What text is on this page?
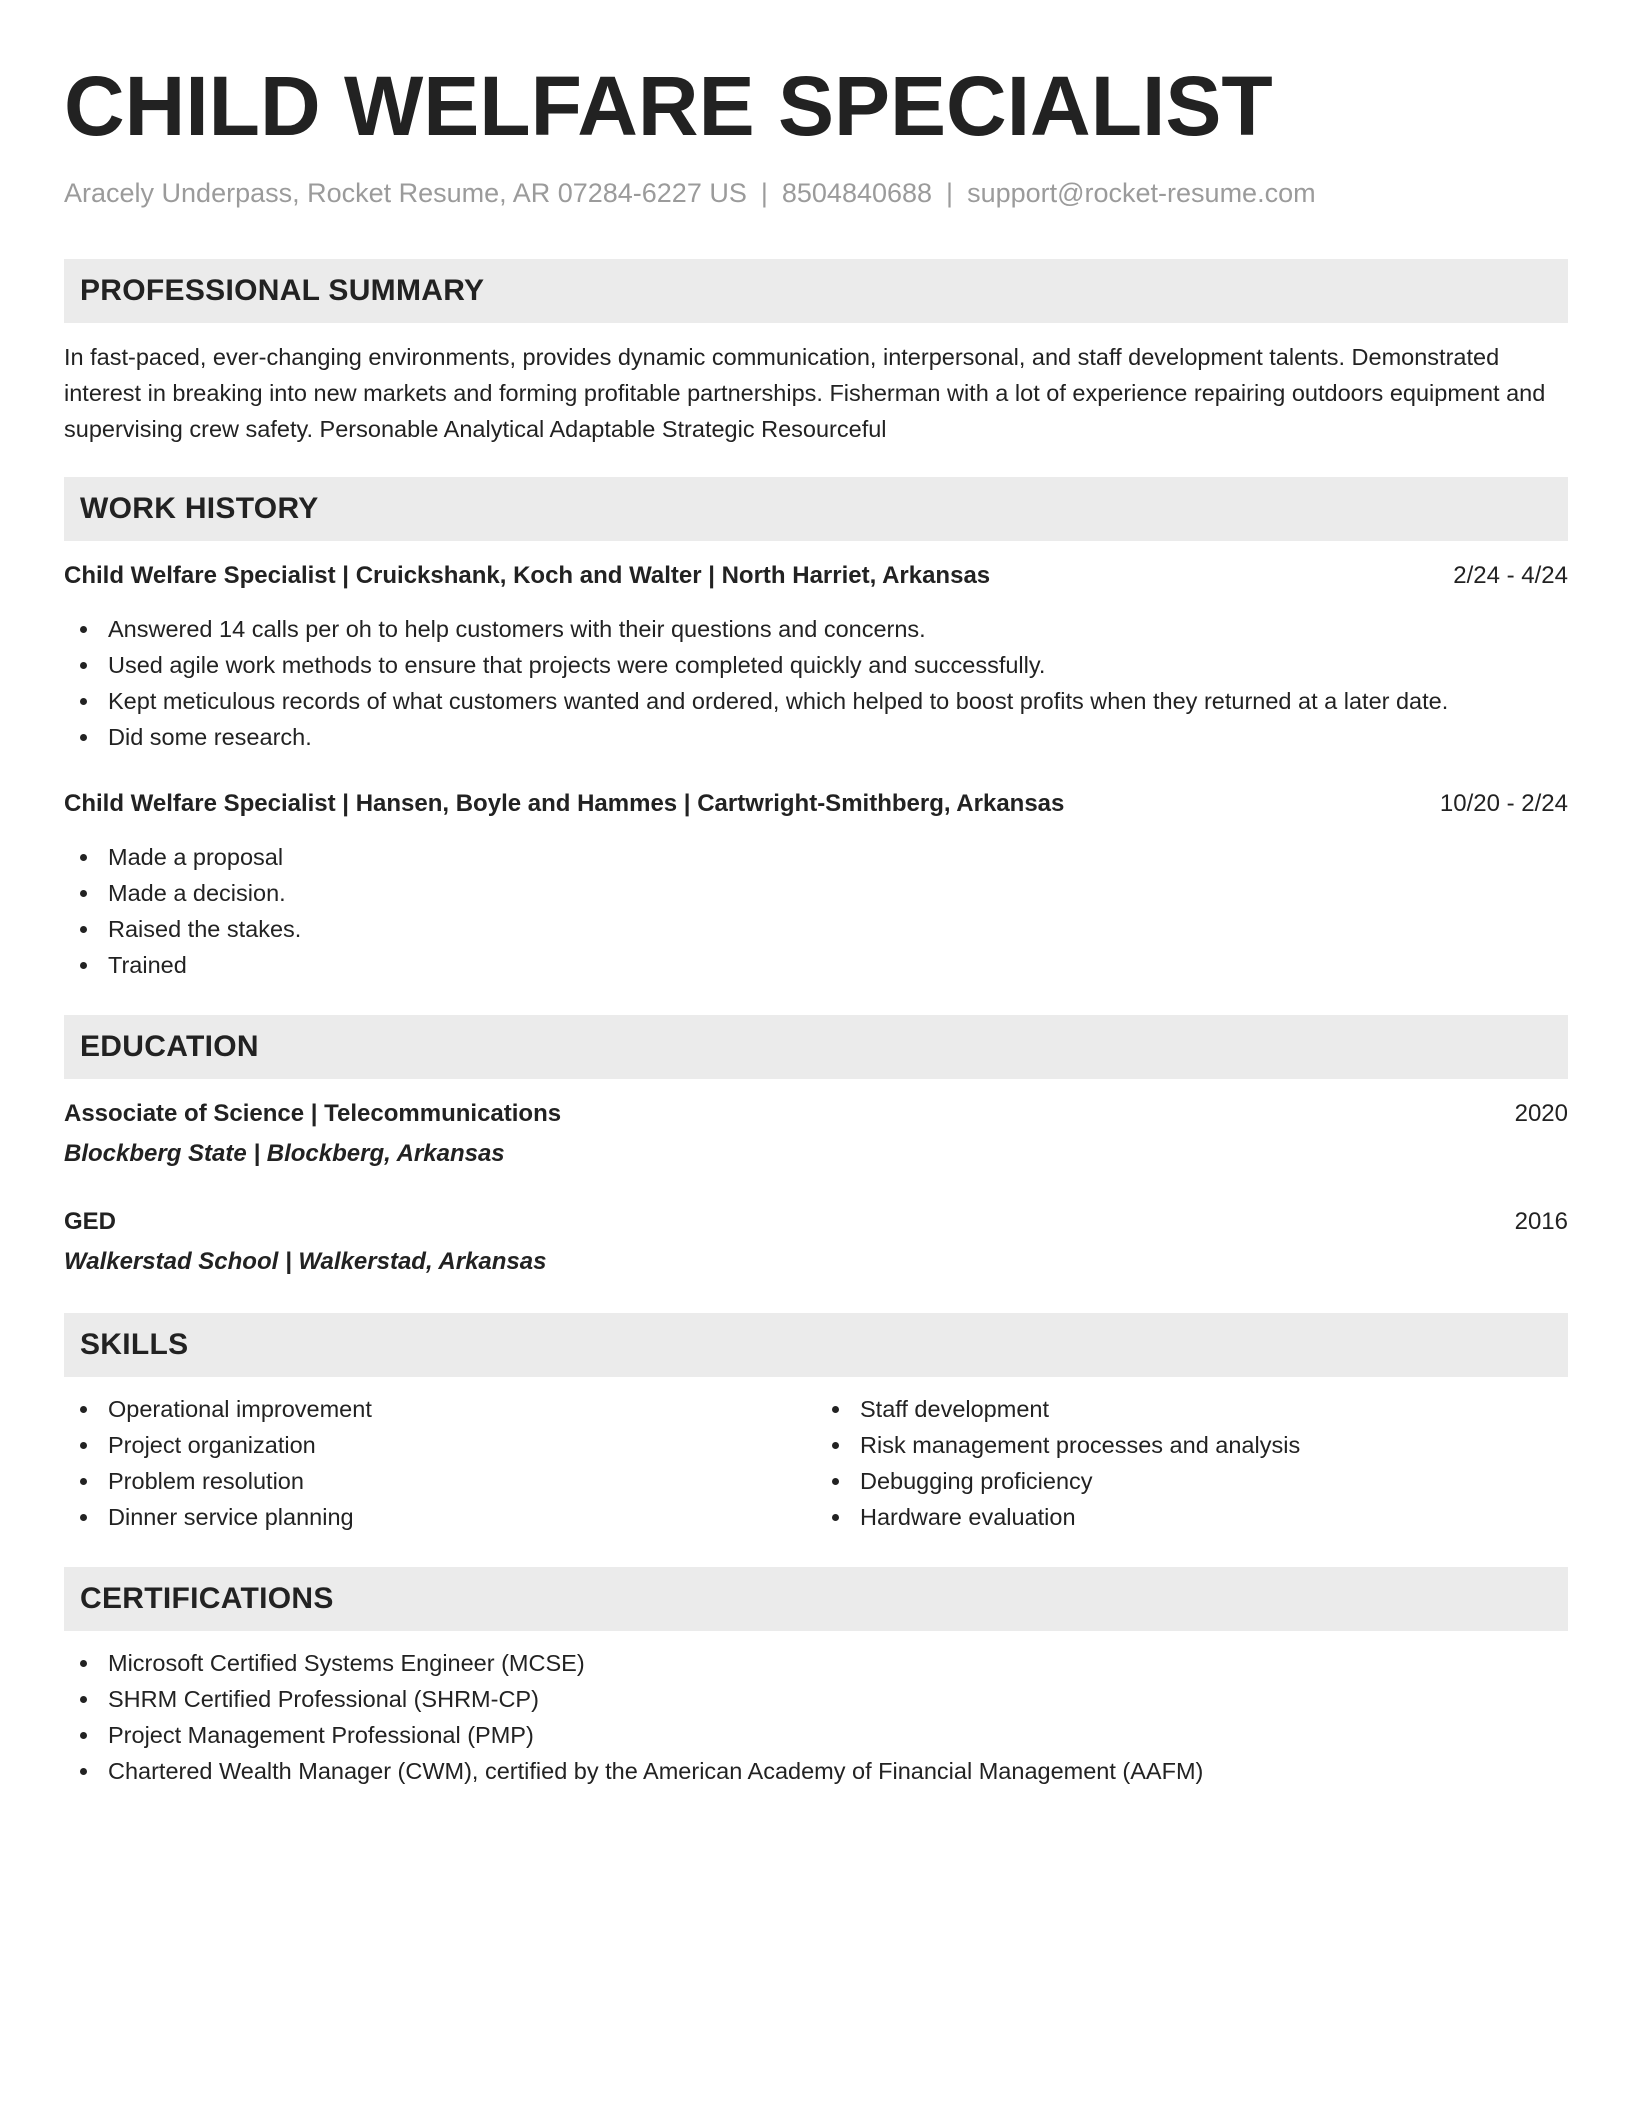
CHILD WELFARE SPECIALIST
Aracely Underpass, Rocket Resume, AR 07284-6227 US | 8504840688 | support@rocket-resume.com
PROFESSIONAL SUMMARY

In fast-paced, ever-changing environments, provides dynamic communication, interpersonal, and staff development talents. Demonstrated interest in breaking into new markets and forming profitable partnerships. Fisherman with a lot of experience repairing outdoors equipment and supervising crew safety. Personable Analytical Adaptable Strategic Resourceful

WORK HISTORY
Child Welfare Specialist | Cruickshank, Koch and Walter | North Harriet, Arkansas	2/24 - 4/24
Answered 14 calls per oh to help customers with their questions and concerns.
Used agile work methods to ensure that projects were completed quickly and successfully.
Kept meticulous records of what customers wanted and ordered, which helped to boost profits when they returned at a later date.
Did some research.
Child Welfare Specialist | Hansen, Boyle and Hammes | Cartwright-Smithberg, Arkansas	10/20 - 2/24
Made a proposal
Made a decision.
Raised the stakes.
Trained
EDUCATION
Associate of Science | Telecommunications	2020
Blockberg State | Blockberg, Arkansas
GED	2016
Walkerstad School | Walkerstad, Arkansas
SKILLS
Operational improvement
Project organization
Problem resolution
Dinner service planning
Staff development
Risk management processes and analysis
Debugging proficiency
Hardware evaluation
CERTIFICATIONS
Microsoft Certified Systems Engineer (MCSE)
SHRM Certified Professional (SHRM-CP)
Project Management Professional (PMP)
Chartered Wealth Manager (CWM), certified by the American Academy of Financial Management (AAFM)
